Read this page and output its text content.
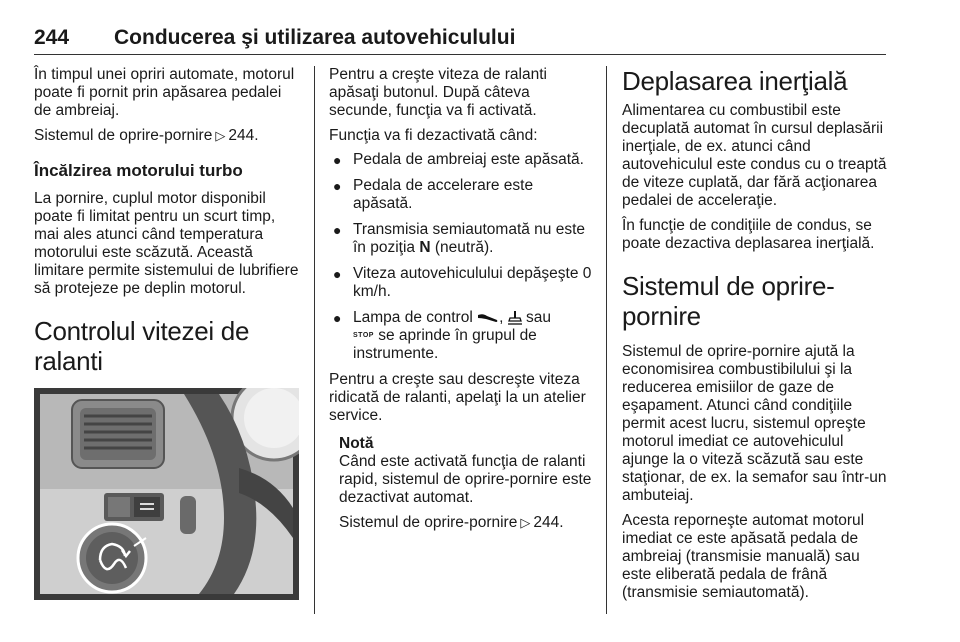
244 Conducerea şi utilizarea autovehiculului

În timpul unei opriri automate, motorul poate fi pornit prin apăsarea pedalei de ambreiaj.

Sistemul de oprire-pornire ▷ 244.

Încălzirea motorului turbo

La pornire, cuplul motor disponibil poate fi limitat pentru un scurt timp, mai ales atunci când temperatura motorului este scăzută. Această limitare permite sistemului de lubrifiere să protejeze pe deplin motorul.

Controlul vitezei de ralanti

Pentru a creşte viteza de ralanti apăsaţi butonul. După câteva secunde, funcţia va fi activată.

Funcţia va fi dezactivată când:

● Pedala de ambreiaj este apăsată.
● Pedala de accelerare este apăsată.
● Transmisia semiautomată nu este în poziţia N (neutră).
● Viteza autovehiculului depăşeşte 0 km/h.
● Lampa de control , sau
STOP se aprinde în grupul de instrumente.

Pentru a creşte sau descreşte viteza ridicată de ralanti, apelaţi la un atelier service.

Notă

Când este activată funcţia de ralanti rapid, sistemul de oprire-pornire este dezactivat automat.

Sistemul de oprire-pornire ▷ 244.

Deplasarea inerţială

Alimentarea cu combustibil este decuplată automat în cursul deplasării inerţiale, de ex. atunci când autovehiculul este condus cu o treaptă de viteze cuplată, dar fără acţionarea pedalei de acceleraţie.

În funcţie de condiţiile de condus, se poate dezactiva deplasarea inerţială.

Sistemul de oprire-pornire

Sistemul de oprire-pornire ajută la economisirea combustibilului şi la reducerea emisiilor de gaze de eşapament. Atunci când condiţiile permit acest lucru, sistemul opreşte motorul imediat ce autovehiculul ajunge la o viteză scăzută sau este staţionar, de ex. la semafor sau într-un ambuteiaj.

Acesta reporneşte automat motorul imediat ce este apăsată pedala de ambreiaj (transmisie manuală) sau este eliberată pedala de frână (transmisie semiautomată).
